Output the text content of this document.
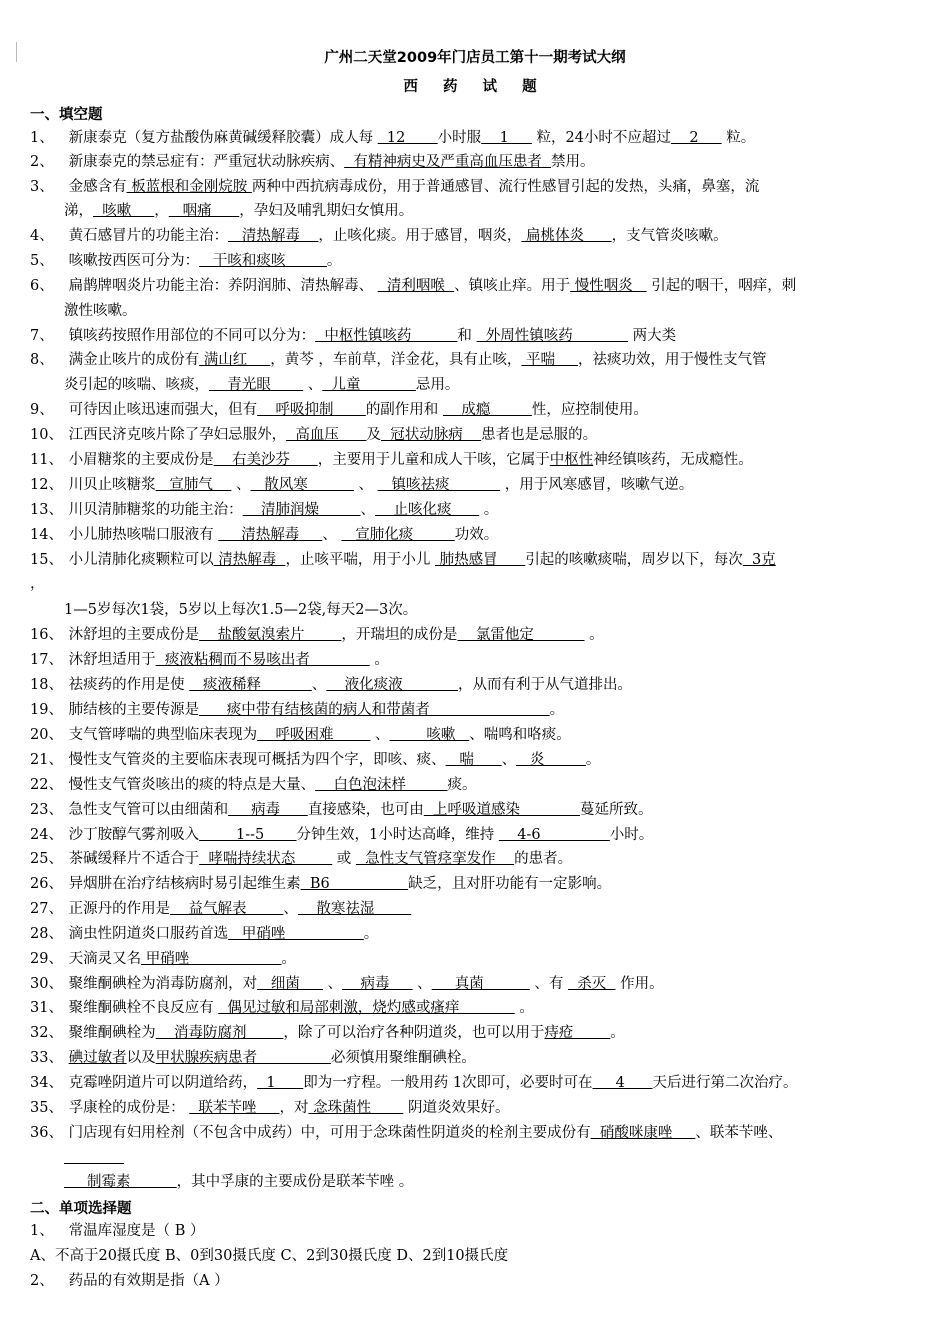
广州二天堂2009年门店员工第十一期考试大纲
西 药 试 题
一、填空题
二、单项选择题
1、 新康泰克（复方盐酸伪麻黄碱缓释胶囊）成人每   12       小时服    1      粒，24小时不应超过    2      粒。
2、 新康泰克的禁忌症有：严重冠状动脉疾病、  有精神病史及严重高血压患者  禁用。
3、 金感含有 板蓝根和金刚烷胺 两种中西抗病毒成份，用于普通感冒、流行性感冒引起的发热，头痛，鼻塞，流
涕，  咳嗽     ，   咽痛      ，孕妇及哺乳期妇女慎用。
4、 黄石感冒片的功能主治：   清热解毒    ，止咳化痰。用于感冒，咽炎， 扁桃体炎      ，支气管炎咳嗽。
5、 咳嗽按西医可分为：   干咳和痰咳         。
6、 扁鹊牌咽炎片功能主治：养阴润肺、清热解毒、   清利咽喉  、镇咳止痒。用于 慢性咽炎    引起的咽干，咽痒，刺
激性咳嗽。
7、 镇咳药按照作用部位的不同可以分为：  中枢性镇咳药          和   外周性镇咳药             两大类
8、 满金止咳片的成份有 满山红     ，黄芩 ，车前草，洋金花，具有止咳， 平喘     ，祛痰功效，用于慢性支气管
炎引起的咳喘、咳痰，    青光眼        、  儿童            忌用。
9、 可待因止咳迅速而强大，但有    呼吸抑制       的副作用和     成瘾         性，应控制使用。
10、 江西民济克咳片除了孕妇忌服外，  高血压      及  冠状动脉病    患者也是忌服的。
11、 小眉糖浆的主要成份是    右美沙芬      ，主要用于儿童和成人干咳，它属于中枢性神经镇咳药，无成瘾性。
12、 川贝止咳糖浆   宣肺气     、   散风寒           、    镇咳祛痰            ，用于风寒感冒，咳嗽气逆。
13、 川贝清肺糖浆的功能主治：    清肺润燥         、    止咳化痰       。
14、 小儿肺热咳喘口服液有      清热解毒     、    宣肺化痰         功效。
15、 小儿清肺化痰颗粒可以 清热解毒  ，止咳平喘，用于小儿  肺热感冒      引起的咳嗽痰喘，周岁以下，每次  3克
，
1—5岁每次1袋，5岁以上每次1.5—2袋,每天2—3次。
16、 沐舒坦的主要成份是    盐酸氨溴索片        ，开瑞坦的成份是    氯雷他定            。
17、 沐舒坦适用于  痰液粘稠而不易咳出者              。
18、 祛痰药的作用是使    痰液稀释           、    液化痰液            ，从而有利于从气道排出。
19、 肺结核的主要传源是      痰中带有结核菌的病人和带菌者                          。
20、 支气管哮喘的典型临床表现为    呼吸困难         、        咳嗽   、喘鸣和咯痰。
21、 慢性支气管炎的主要临床表现可概括为四个字，即咳、痰、   喘      、   炎         。
22、 慢性支气管炎咳出的痰的特点是大量、    白色泡沫样         痰。
23、 急性支气管可以由细菌和     病毒      直接感染，也可由  上呼吸道感染             蔓延所致。
24、 沙丁胺醇气雾剂吸入        1--5       分钟生效，1小时达高峰，维持     4-6               小时。
25、 茶碱缓释片不适合于  哮喘持续状态         或   急性支气管痉挛发作    的患者。
26、 异烟肼在治疗结核病时易引起维生素  B6                 缺乏，且对肝功能有一定影响。
27、 正源丹的作用是    益气解表        、    散寒祛湿
28、 滴虫性阴道炎口服药首选   甲硝唑                 。
29、 天滴灵又名 甲硝唑                    。
30、 聚维酮碘栓为消毒防腐剂，对   细菌      、    病毒      、     真菌           、有   杀灭   作用。
31、 聚维酮碘栓不良反应有   偶见过敏和局部刺激，烧灼感或瘙痒             。
32、 聚维酮碘栓为    消毒防腐剂        ，除了可以治疗各种阴道炎，也可以用于痔疮        。
33、 碘过敏者以及甲状腺疾病患者                必须慎用聚维酮碘栓。
34、 克霉唑阴道片可以阴道给药，  1      即为一疗程。一般用药 1次即可，必要时可在     4      天后进行第二次治疗。
35、 孚康栓的成份是：   联苯苄唑     ，对 念珠菌性        阴道炎效果好。
36、 门店现有妇用栓剂（不包含中成药）中，可用于念珠菌性阴道炎的栓剂主要成份有  硝酸咪康唑     、联苯苄唑、

制霉素          ，其中孚康的主要成份是联苯苄唑 。
1、 常温库湿度是（ B ）
A、不高于20摄氏度 B、0到30摄氏度 C、2到30摄氏度 D、2到10摄氏度
2、 药品的有效期是指（A ）
